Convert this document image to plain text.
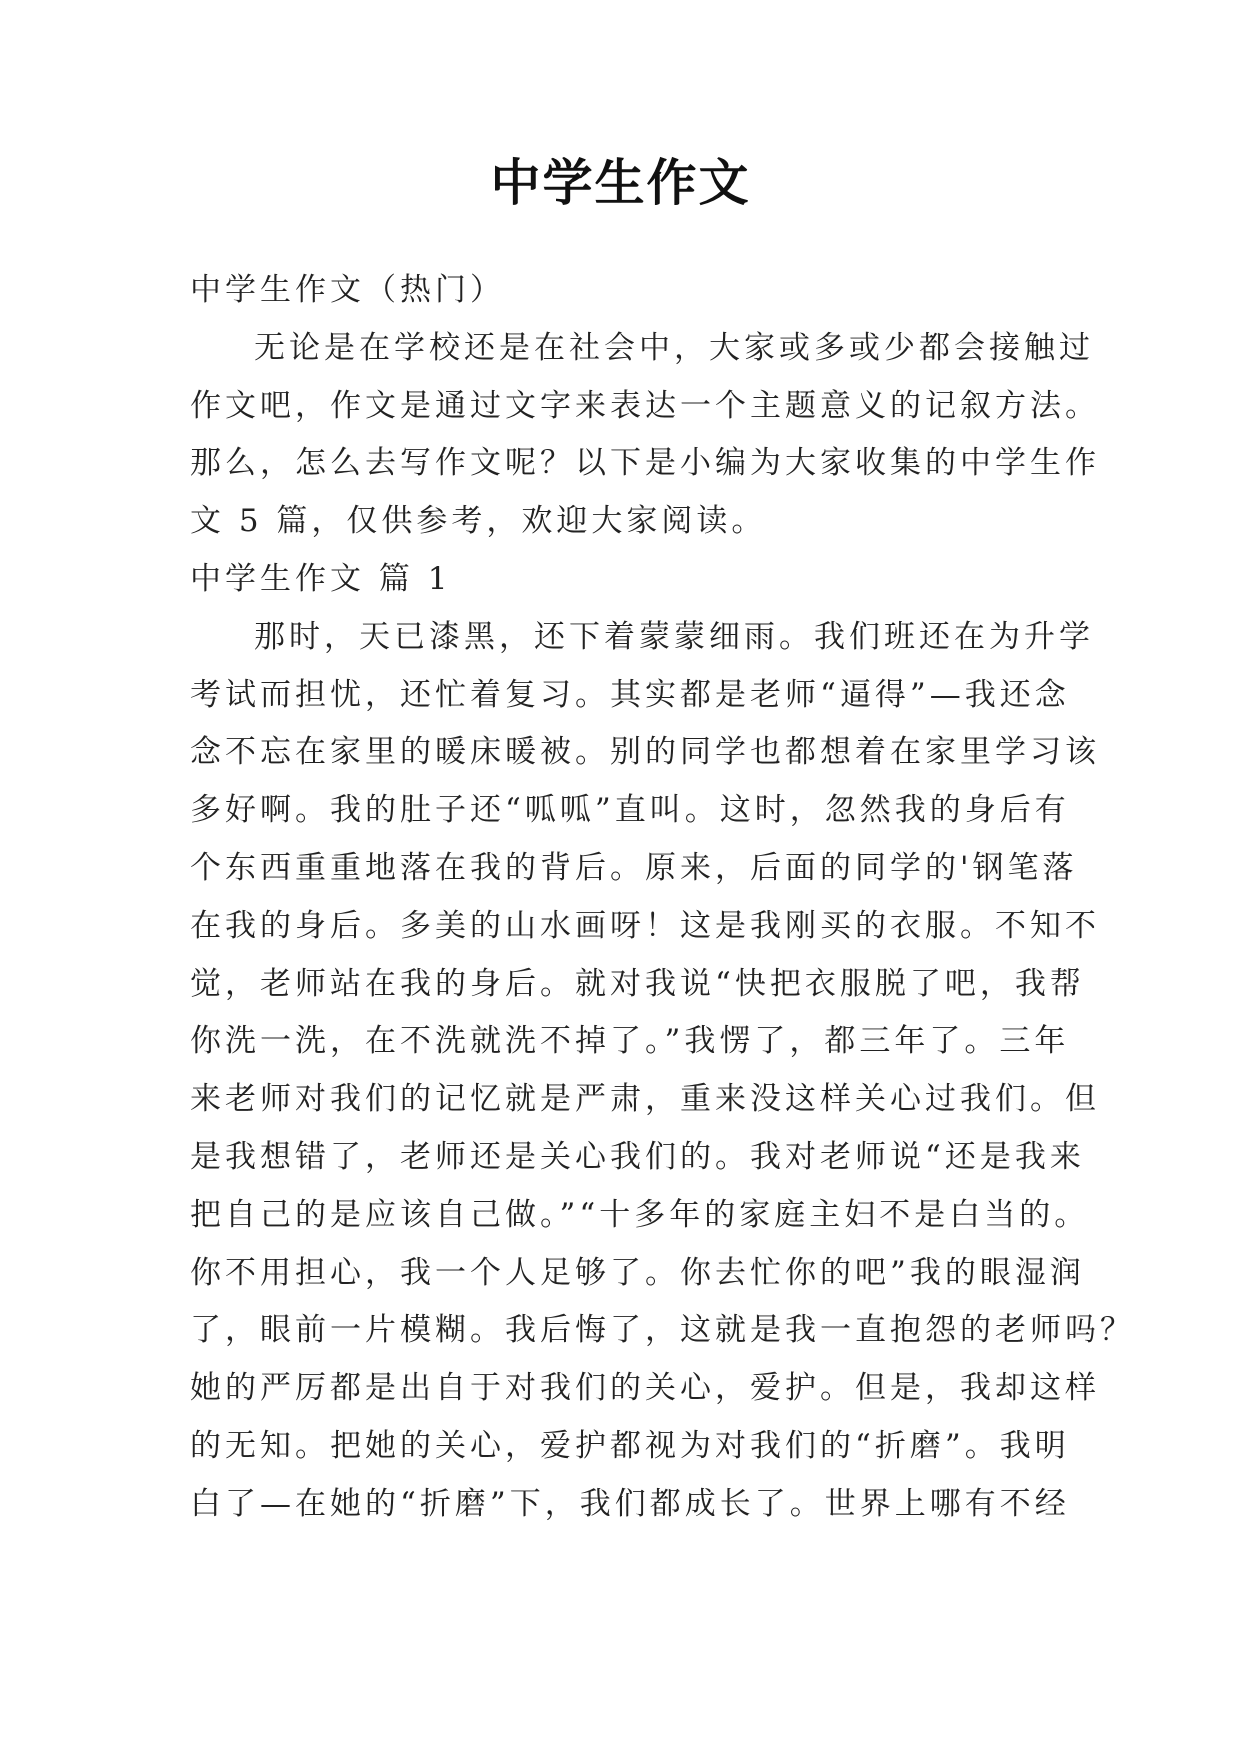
中学生作文
中学生作文（热门）
无论是在学校还是在社会中，大家或多或少都会接触过
作文吧，作文是通过文字来表达一个主题意义的记叙方法。
那么，怎么去写作文呢？以下是小编为大家收集的中学生作
文 5 篇，仅供参考，欢迎大家阅读。
中学生作文 篇 1
那时，天已漆黑，还下着蒙蒙细雨。我们班还在为升学
考试而担忧，还忙着复习。其实都是老师“逼得”—我还念
念不忘在家里的暖床暖被。别的同学也都想着在家里学习该
多好啊。我的肚子还“呱呱”直叫。这时，忽然我的身后有
个东西重重地落在我的背后。原来，后面的同学的'钢笔落
在我的身后。多美的山水画呀！这是我刚买的衣服。不知不
觉，老师站在我的身后。就对我说“快把衣服脱了吧，我帮
你洗一洗，在不洗就洗不掉了。”我愣了，都三年了。三年
来老师对我们的记忆就是严肃，重来没这样关心过我们。但
是我想错了，老师还是关心我们的。我对老师说“还是我来
把自己的是应该自己做。”“十多年的家庭主妇不是白当的。
你不用担心，我一个人足够了。你去忙你的吧”我的眼湿润
了，眼前一片模糊。我后悔了，这就是我一直抱怨的老师吗？
她的严厉都是出自于对我们的关心，爱护。但是，我却这样
的无知。把她的关心，爱护都视为对我们的“折磨”。我明
白了—在她的“折磨”下，我们都成长了。世界上哪有不经
